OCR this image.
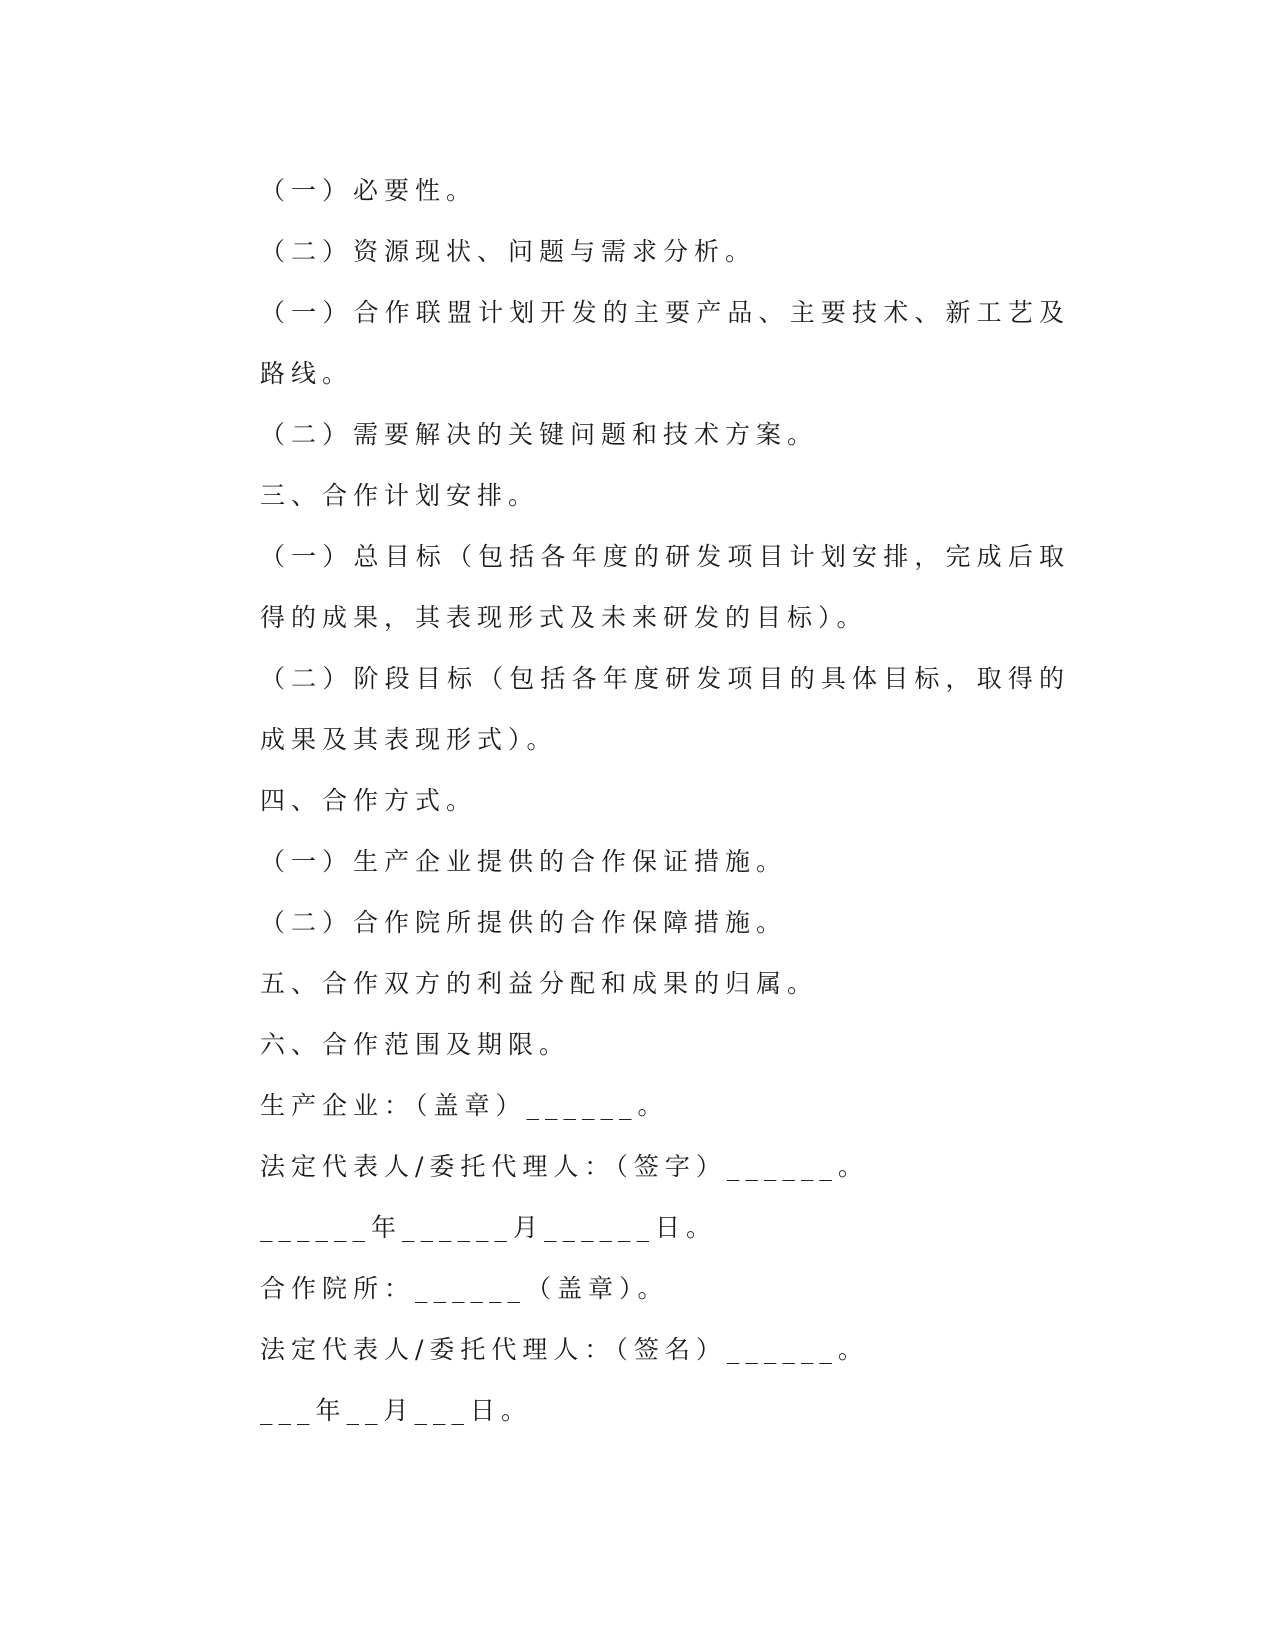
（一）必要性。

（二）资源现状、问题与需求分析。

（一）合作联盟计划开发的主要产品、主要技术、新工艺及路线。

（二）需要解决的关键问题和技术方案。

三、合作计划安排。

（一）总目标（包括各年度的研发项目计划安排，完成后取得的成果，其表现形式及未来研发的目标）。

（二）阶段目标（包括各年度研发项目的具体目标，取得的成果及其表现形式）。

四、合作方式。

（一）生产企业提供的合作保证措施。

（二）合作院所提供的合作保障措施。

五、合作双方的利益分配和成果的归属。

六、合作范围及期限。

生产企业：（盖章）______。

法定代表人/委托代理人：（签字）______。

______年______月______日。

合作院所：______（盖章）。

法定代表人/委托代理人：（签名）______。

___年__月___日。
